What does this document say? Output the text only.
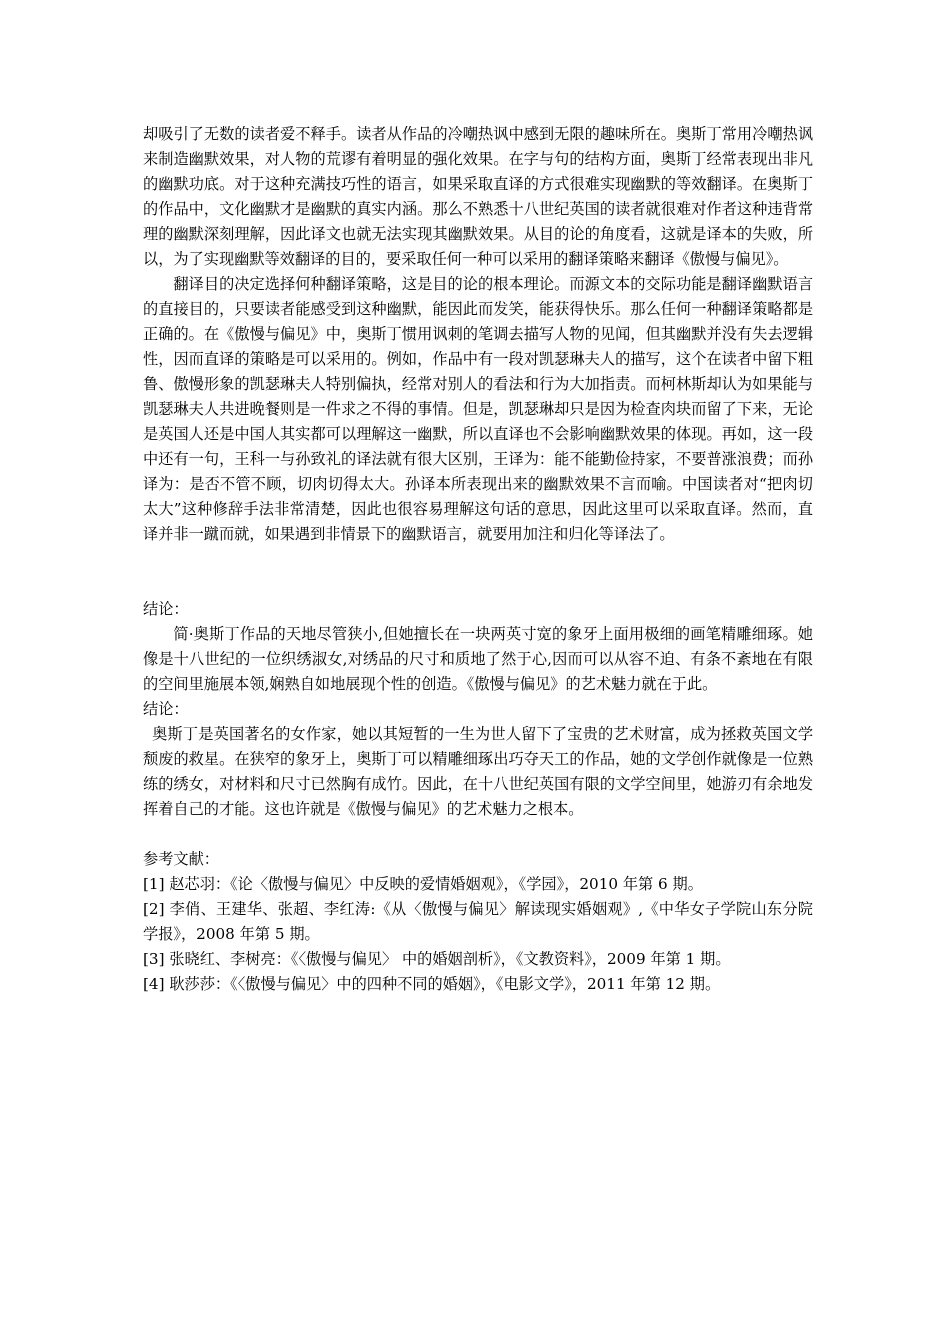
却吸引了无数的读者爱不释手。读者从作品的冷嘲热讽中感到无限的趣味所在。奥斯丁常用冷嘲热讽来制造幽默效果，对人物的荒谬有着明显的强化效果。在字与句的结构方面，奥斯丁经常表现出非凡的幽默功底。对于这种充满技巧性的语言，如果采取直译的方式很难实现幽默的等效翻译。在奥斯丁的作品中，文化幽默才是幽默的真实内涵。那么不熟悉十八世纪英国的读者就很难对作者这种违背常理的幽默深刻理解，因此译文也就无法实现其幽默效果。从目的论的角度看，这就是译本的失败，所以，为了实现幽默等效翻译的目的，要采取任何一种可以采用的翻译策略来翻译《傲慢与偏见》。

翻译目的决定选择何种翻译策略，这是目的论的根本理论。而源文本的交际功能是翻译幽默语言的直接目的，只要读者能感受到这种幽默，能因此而发笑，能获得快乐。那么任何一种翻译策略都是正确的。在《傲慢与偏见》中，奥斯丁惯用讽刺的笔调去描写人物的见闻，但其幽默并没有失去逻辑性，因而直译的策略是可以采用的。例如，作品中有一段对凯瑟琳夫人的描写，这个在读者中留下粗鲁、傲慢形象的凯瑟琳夫人特别偏执，经常对别人的看法和行为大加指责。而柯林斯却认为如果能与凯瑟琳夫人共进晚餐则是一件求之不得的事情。但是，凯瑟琳却只是因为检查肉块而留了下来，无论是英国人还是中国人其实都可以理解这一幽默，所以直译也不会影响幽默效果的体现。再如，这一段中还有一句，王科一与孙致礼的译法就有很大区别，王译为：能不能勤俭持家，不要普涨浪费；而孙译为：是否不管不顾，切肉切得太大。孙译本所表现出来的幽默效果不言而喻。中国读者对“把肉切太大”这种修辞手法非常清楚，因此也很容易理解这句话的意思，因此这里可以采取直译。然而，直译并非一蹴而就，如果遇到非情景下的幽默语言，就要用加注和归化等译法了。

结论：

简·奥斯丁作品的天地尽管狭小,但她擅长在一块两英寸宽的象牙上面用极细的画笔精雕细琢。她像是十八世纪的一位织绣淑女,对绣品的尺寸和质地了然于心,因而可以从容不迫、有条不紊地在有限的空间里施展本领,娴熟自如地展现个性的创造。《傲慢与偏见》的艺术魅力就在于此。

结论：

奥斯丁是英国著名的女作家，她以其短暂的一生为世人留下了宝贵的艺术财富，成为拯救英国文学颓废的救星。在狭窄的象牙上，奥斯丁可以精雕细琢出巧夺天工的作品，她的文学创作就像是一位熟练的绣女，对材料和尺寸已然胸有成竹。因此，在十八世纪英国有限的文学空间里，她游刃有余地发挥着自己的才能。这也许就是《傲慢与偏见》的艺术魅力之根本。

参考文献：

[1] 赵芯羽：《论〈傲慢与偏见〉中反映的爱情婚姻观》，《学园》，2010 年第 6 期。

[2] 李俏、王建华、张超、李红涛:《从〈傲慢与偏见〉解读现实婚姻观》,《中华女子学院山东分院学报》，2008 年第 5 期。

[3] 张晓红、李树亮：《〈傲慢与偏见〉 中的婚姻剖析》，《文教资料》，2009 年第 1 期。

[4] 耿莎莎：《〈傲慢与偏见〉中的四种不同的婚姻》，《电影文学》，2011 年第 12 期。
